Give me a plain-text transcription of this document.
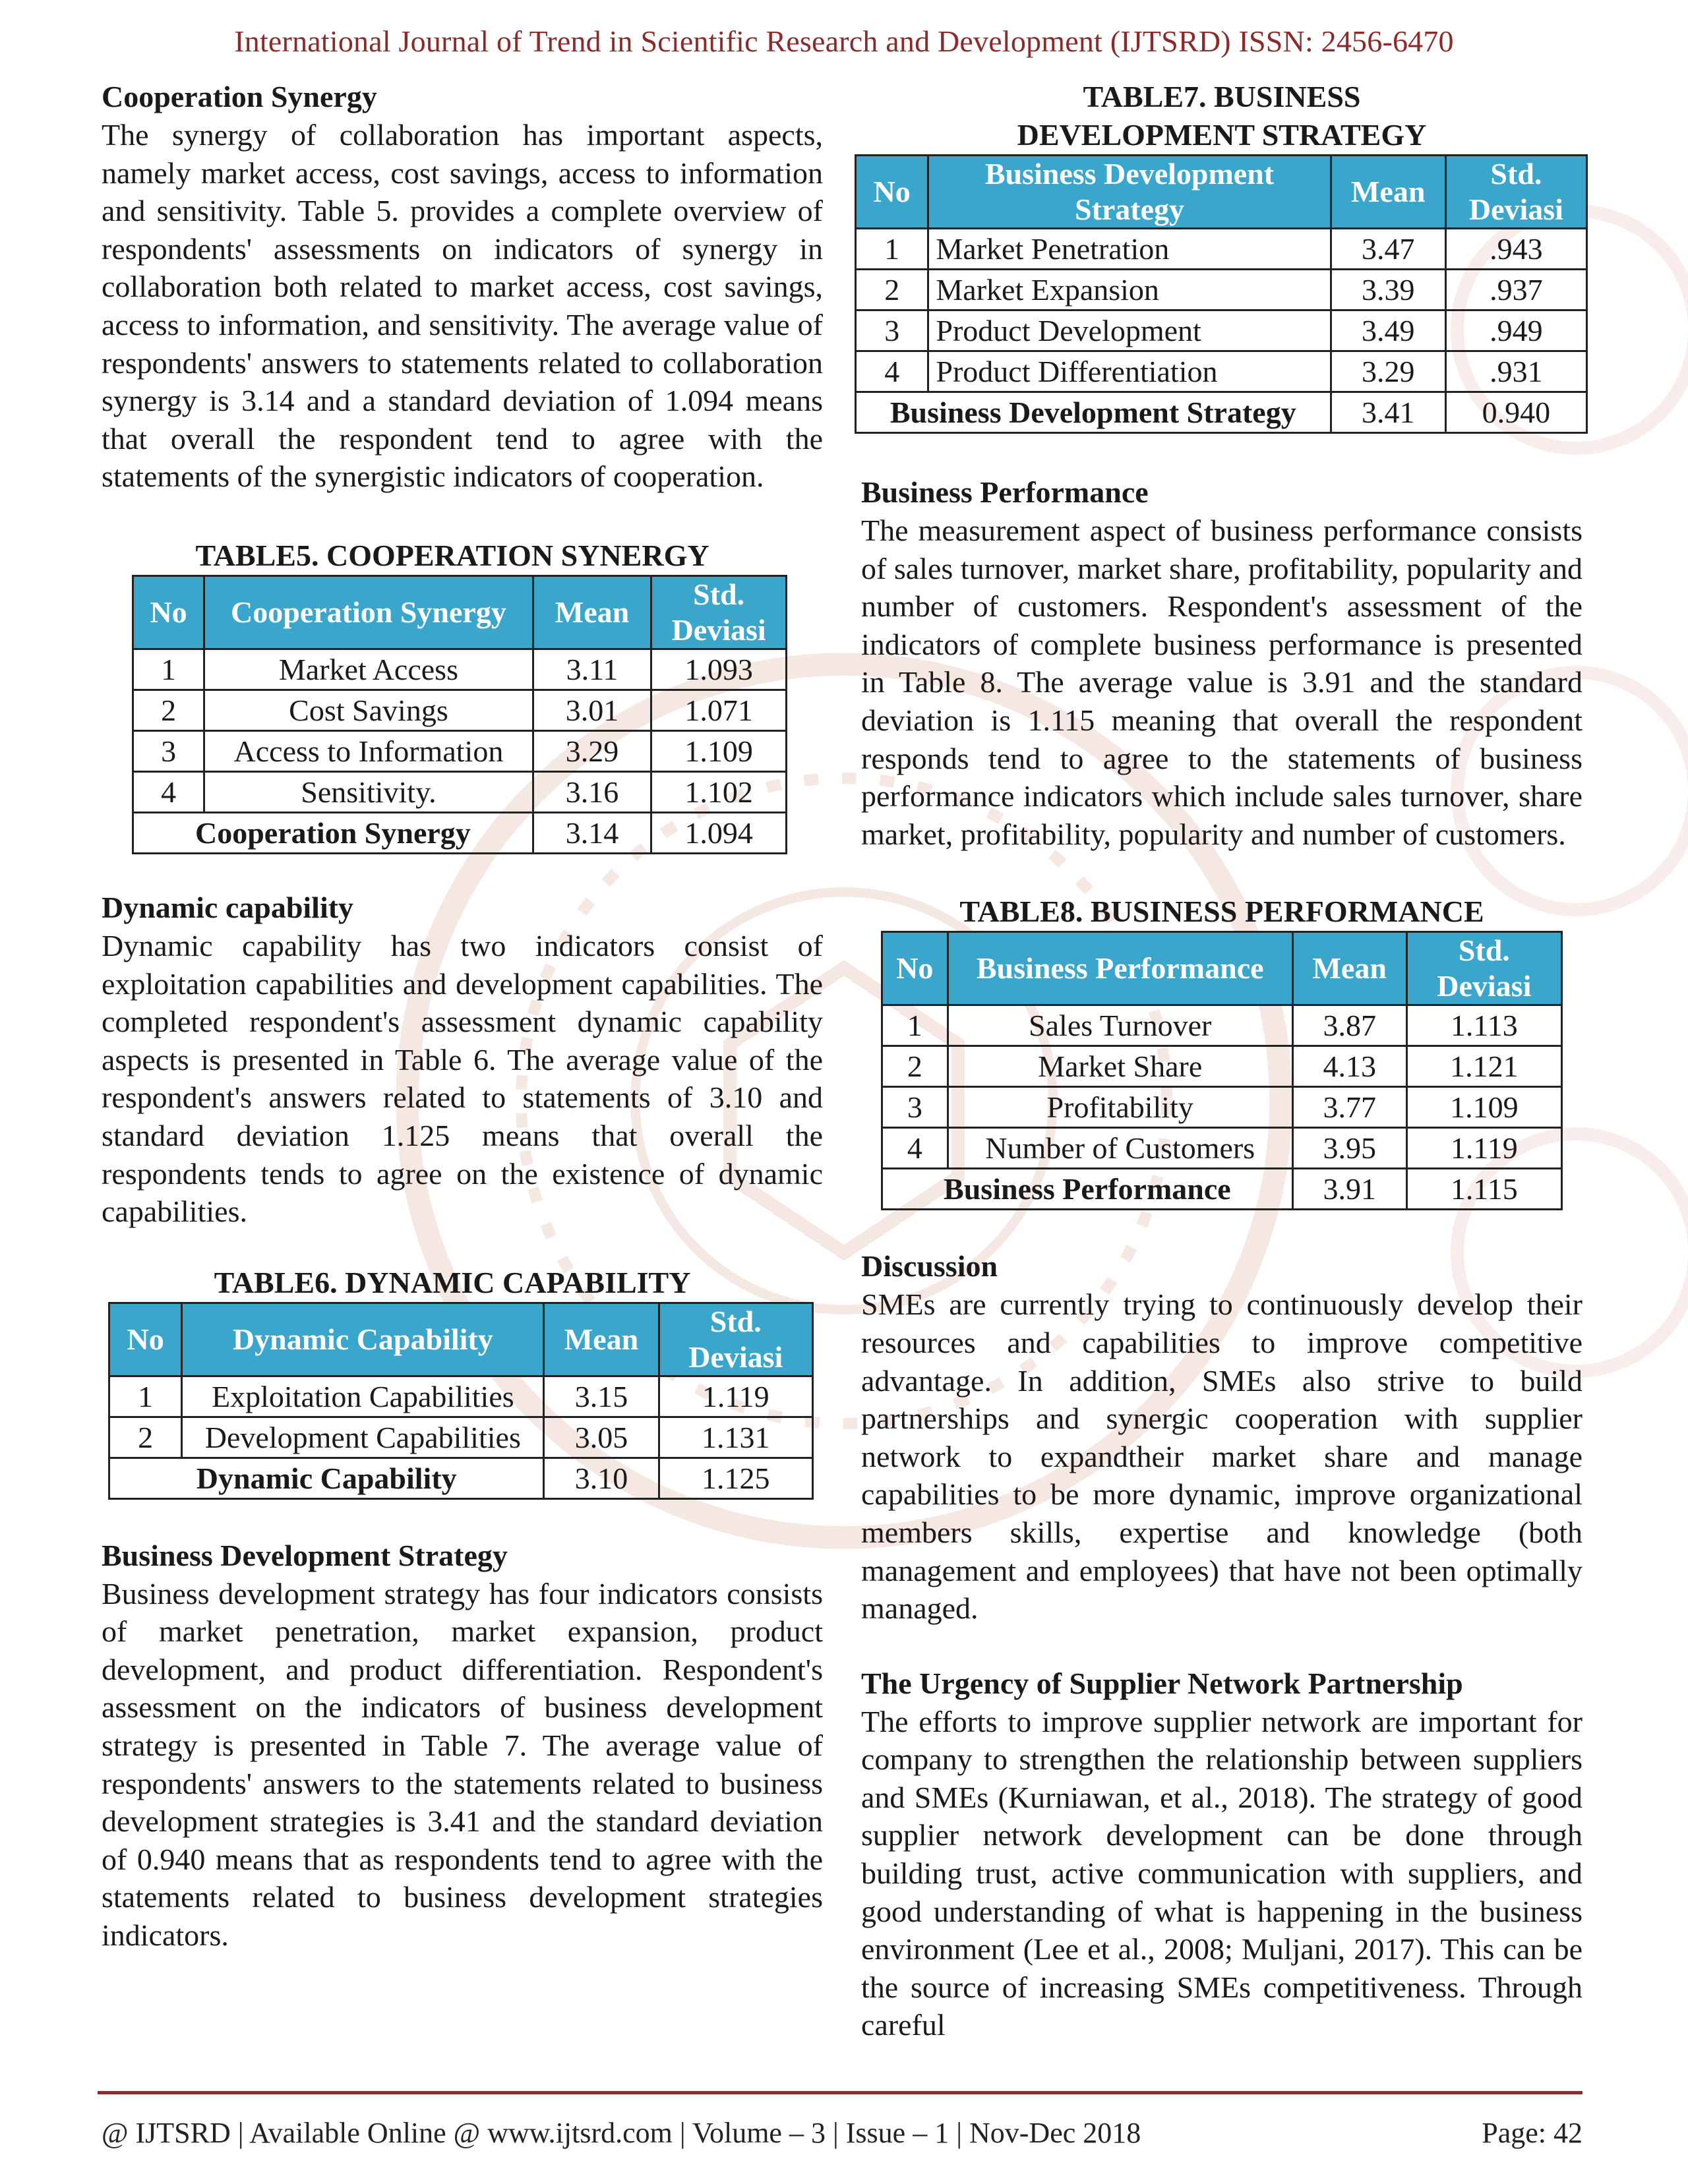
International Journal of Trend in Scientific Research and Development (IJTSRD) ISSN: 2456-6470

Cooperation Synergy

The synergy of collaboration has important aspects, namely market access, cost savings, access to information and sensitivity. Table 5. provides a complete overview of respondents' assessments on indicators of synergy in collaboration both related to market access, cost savings, access to information, and sensitivity. The average value of respondents' answers to statements related to collaboration synergy is 3.14 and a standard deviation of 1.094 means that overall the respondent tend to agree with the statements of the synergistic indicators of cooperation.

TABLE5. COOPERATION SYNERGY

No	Cooperation Synergy	Mean	Std. Deviasi
1	Market Access	3.11	1.093
2	Cost Savings	3.01	1.071
3	Access to Information	3.29	1.109
4	Sensitivity.	3.16	1.102
Cooperation Synergy		3.14	1.094

Dynamic capability

Dynamic capability has two indicators consist of exploitation capabilities and development capabilities. The completed respondent's assessment dynamic capability aspects is presented in Table 6. The average value of the respondent's answers related to statements of 3.10 and standard deviation 1.125 means that overall the respondents tends to agree on the existence of dynamic capabilities.

TABLE6. DYNAMIC CAPABILITY

No	Dynamic Capability	Mean	Std. Deviasi
1	Exploitation Capabilities	3.15	1.119
2	Development Capabilities	3.05	1.131
Dynamic Capability		3.10	1.125

Business Development Strategy

Business development strategy has four indicators consists of market penetration, market expansion, product development, and product differentiation. Respondent's assessment on the indicators of business development strategy is presented in Table 7. The average value of respondents' answers to the statements related to business development strategies is 3.41 and the standard deviation of 0.940 means that as respondents tend to agree with the statements related to business development strategies indicators.

TABLE7. BUSINESS DEVELOPMENT STRATEGY

No	Business Development Strategy	Mean	Std. Deviasi
1	Market Penetration	3.47	.943
2	Market Expansion	3.39	.937
3	Product Development	3.49	.949
4	Product Differentiation	3.29	.931
Business Development Strategy		3.41	0.940

Business Performance

The measurement aspect of business performance consists of sales turnover, market share, profitability, popularity and number of customers. Respondent's assessment of the indicators of complete business performance is presented in Table 8. The average value is 3.91 and the standard deviation is 1.115 meaning that overall the respondent responds tend to agree to the statements of business performance indicators which include sales turnover, share market, profitability, popularity and number of customers.

TABLE8. BUSINESS PERFORMANCE

No	Business Performance	Mean	Std. Deviasi
1	Sales Turnover	3.87	1.113
2	Market Share	4.13	1.121
3	Profitability	3.77	1.109
4	Number of Customers	3.95	1.119
Business Performance		3.91	1.115

Discussion

SMEs are currently trying to continuously develop their resources and capabilities to improve competitive advantage. In addition, SMEs also strive to build partnerships and synergic cooperation with supplier network to expandtheir market share and manage capabilities to be more dynamic, improve organizational members skills, expertise and knowledge (both management and employees) that have not been optimally managed.

The Urgency of Supplier Network Partnership

The efforts to improve supplier network are important for company to strengthen the relationship between suppliers and SMEs (Kurniawan, et al., 2018). The strategy of good supplier network development can be done through building trust, active communication with suppliers, and good understanding of what is happening in the business environment (Lee et al., 2008; Muljani, 2017). This can be the source of increasing SMEs competitiveness. Through careful

@ IJTSRD | Available Online @ www.ijtsrd.com | Volume – 3 | Issue – 1 | Nov-Dec 2018	Page: 42
